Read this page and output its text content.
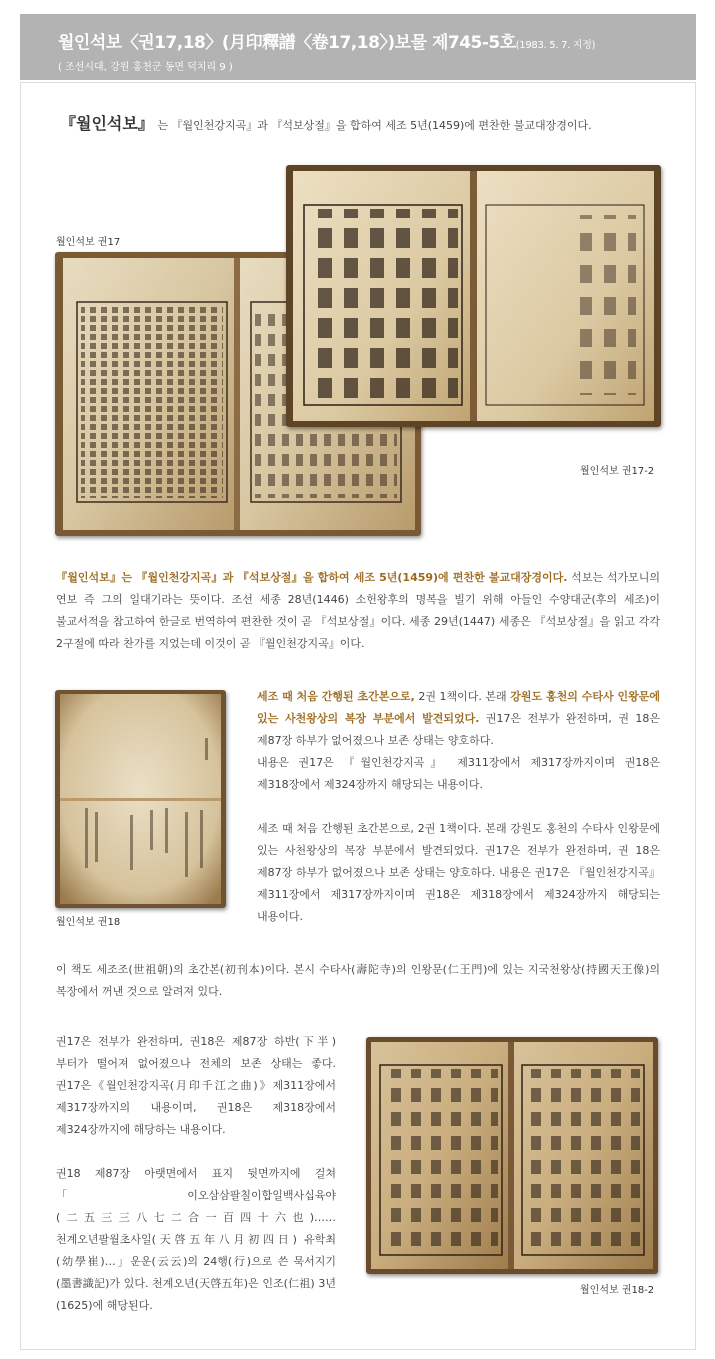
월인석보〈권17,18〉(月印釋譜〈卷17,18〉)보물 제745-5호(1983. 5. 7. 지정)
( 조선시대, 강원 홍천군 동면 덕치리 9 )
『월인석보』 는 『월인천강지곡』과 『석보상절』을 합하여 세조 5년(1459)에 편찬한 불교대장경이다.
월인석보 권17
월인석보 권17-2
『월인석보』는 『월인천강지곡』과 『석보상절』을 합하여 세조 5년(1459)에 편찬한 불교대장경이다. 석보는 석가모니의 연보 즉 그의 일대기라는 뜻이다. 조선 세종 28년(1446) 소헌왕후의 명복을 빌기 위해 아들인 수양대군(후의 세조)이 불교서적을 참고하여 한글로 번역하여 편찬한 것이 곧 『석보상절』이다. 세종 29년(1447) 세종은 『석보상절』을 읽고 각각 2구절에 따라 찬가를 지었는데 이것이 곧 『월인천강지곡』이다.
월인석보 권18
세조 때 처음 간행된 초간본으로, 2권 1책이다. 본래 강원도 홍천의 수타사 인왕문에 있는 사천왕상의 복장 부분에서 발견되었다. 권17은 전부가 완전하며, 권 18은 제87장 하부가 없어졌으나 보존 상태는 양호하다.
내용은 권17은 『월인천강지곡』 제311장에서 제317장까지이며 권18은 제318장에서 제324장까지 해당되는 내용이다.
세조 때 처음 간행된 초간본으로, 2권 1책이다. 본래 강원도 홍천의 수타사 인왕문에 있는 사천왕상의 복장 부분에서 발견되었다. 권17은 전부가 완전하며, 권 18은 제87장 하부가 없어졌으나 보존 상태는 양호하다. 내용은 권17은 『월인천강지곡』 제311장에서 제317장까지이며 권18은 제318장에서 제324장까지 해당되는 내용이다.
이 책도 세조조(世祖朝)의 초간본(初刊本)이다. 본시 수타사(壽陀寺)의 인왕문(仁王門)에 있는 지국천왕상(持國天王像)의 복장에서 꺼낸 것으로 알려져 있다.
권17은 전부가 완전하며, 권18은 제87장 하반(下半)부터가 떨어져 없어졌으나 전체의 보존 상태는 좋다. 권17은《월인천강지곡(月印千江之曲)》제311장에서 제317장까지의 내용이며, 권18은 제318장에서 제324장까지에 해당하는 내용이다.
권18 제87장 아랫면에서 표지 뒷면까지에 걸쳐「이오삼삼팔칠이합일백사십육야(二五三三八七二合一百四十六也)…… 천계오년팔월초사일(天啓五年八月初四日) 유학최(幼學崔)…」운운(云云)의 24행(行)으로 쓴 묵서지기(墨書識記)가 있다. 천계오년(天啓五年)은 인조(仁祖) 3년(1625)에 해당된다.
월인석보 권18-2
